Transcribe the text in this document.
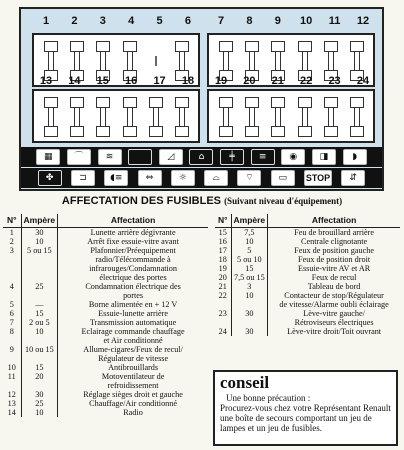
1	2	3	4	5	6	7	8	9	10	11	12
13	14	15	16	17	18	19	20	21	22	23	24
▦	⌒	≋	◿	⌂	╪	≡	◉	◨	◗
✤	⊐	◖≡	⇔	☼	⌓	⌔	▭	STOP	⇵
AFFECTATION DES FUSIBLES (Suivant niveau d'équipement)
N°	Ampère	Affectation
1	30	Lunette arrière dégivrante
2	10	Arrêt fixe essuie-vitre avant
3	5 ou 15	Plafonnier/Préequipement
radio/Télécommande à
infrarouges/Condamnation
électrique des portes
4	25	Condamnation électrique des
portes
5	—	Borne alimentée en + 12 V
6	15	Essuie-lunette arrière
7	2 ou 5	Transmission automatique
8	10	Eclairage commande chauffage
et Air conditionné
9	10 ou 15	Allume-cigares/Feux de recul/
Régulateur de vitesse
10	15	Antibrouillards
11	20	Motoventilateur de
refroidissement
12	30	Réglage sièges droit et gauche
13	25	Chauffage/Air conditionné
14	10	Radio
N°	Ampère	Affectation
15	7,5	Feu de brouillard arrière
16	10	Centrale clignotante
17	5	Feux de position gauche
18	5 ou 10	Feux de position droit
19	15	Essuie-vitre AV et AR
20	7,5 ou 15	Feux de recul
21	3	Tableau de bord
22	10	Contacteur de stop/Régulateur
de vitesse/Alarme oubli éclairage
23	30	Lève-vitre gauche/
Rétroviseurs électriques
24	30	Lève-vitre droit/Toit ouvrant
conseil
Une bonne précaution :
Procurez-vous chez votre Représentant Renault une boîte de secours comportant un jeu de lampes et un jeu de fusibles.
